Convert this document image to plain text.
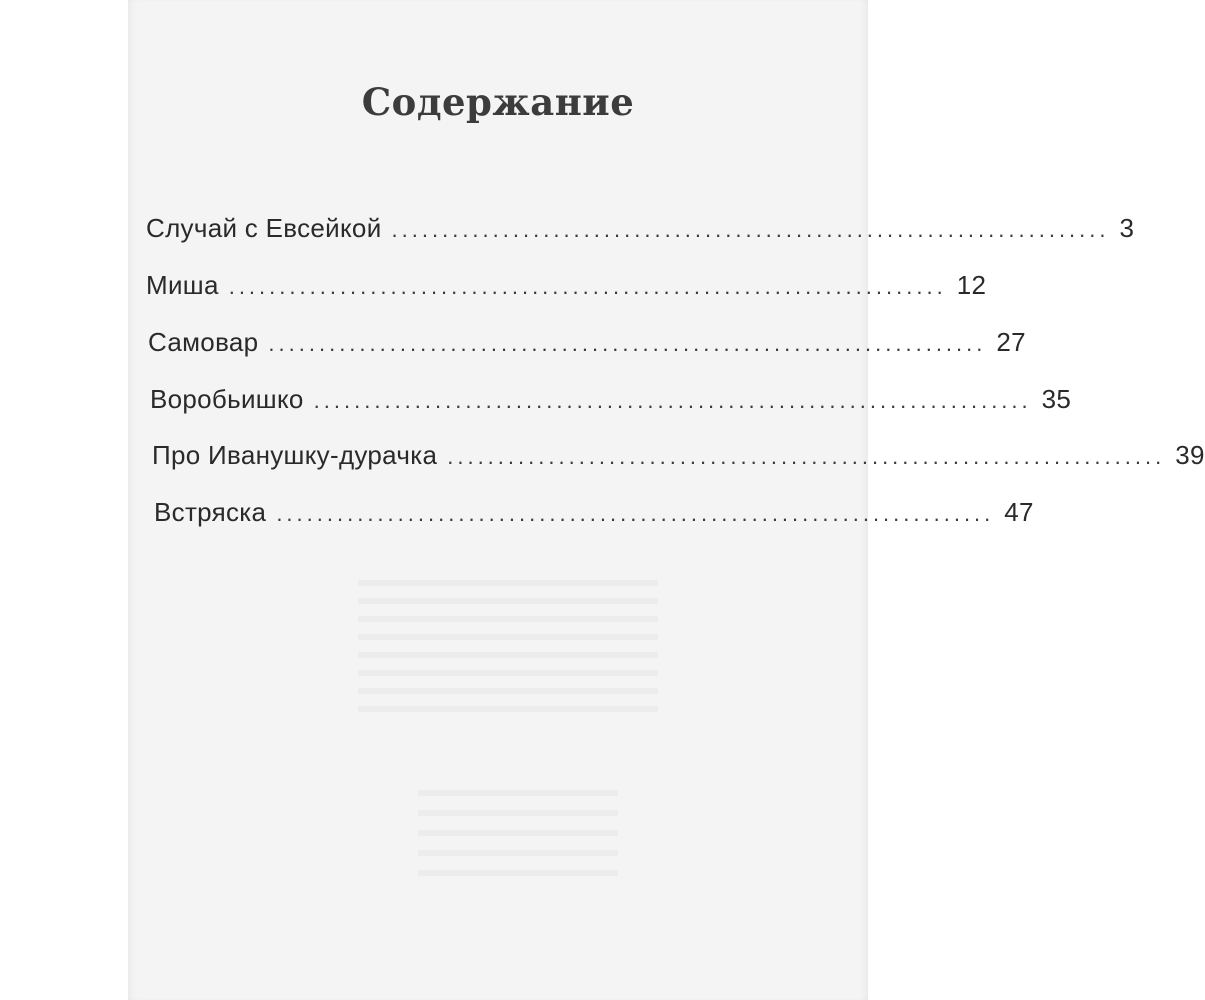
Содержание
Случай с Евсейкой ....................................................................... 3
Миша ....................................................................... 12
Самовар ....................................................................... 27
Воробьишко ....................................................................... 35
Про Иванушку-дурачка ....................................................................... 39
Встряска ....................................................................... 47
